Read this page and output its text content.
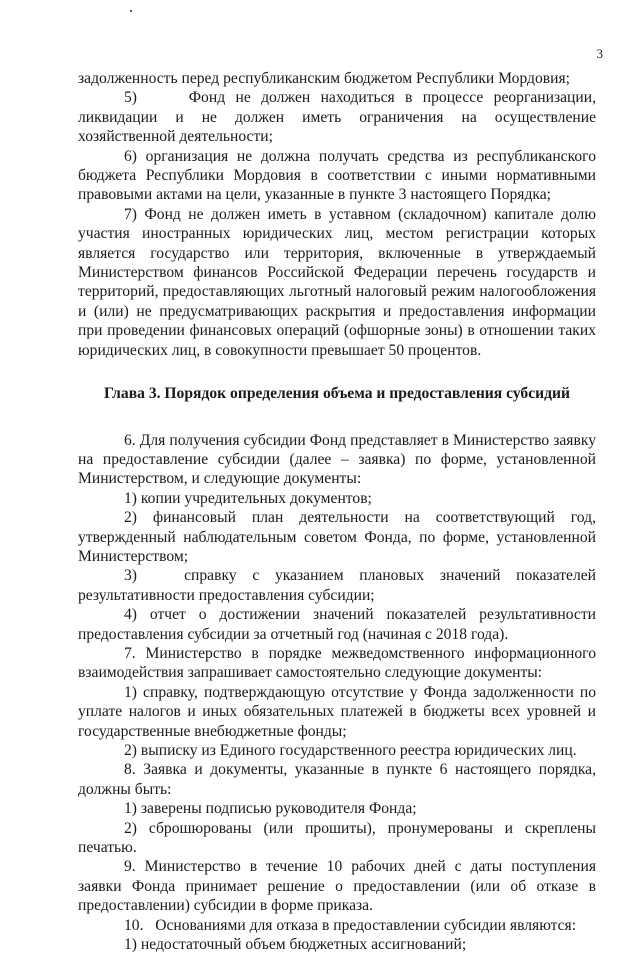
3

задолженность перед республиканским бюджетом Республики Мордовия;

5)     Фонд не должен находиться в процессе реорганизации, ликвидации и не должен иметь ограничения на осуществление хозяйственной деятельности;

6) организация не должна получать средства из республиканского бюджета Республики Мордовия в соответствии с иными нормативными правовыми актами на цели, указанные в пункте 3 настоящего Порядка;

7) Фонд не должен иметь в уставном (складочном) капитале долю участия иностранных юридических лиц, местом регистрации которых является государство или территория, включенные в утверждаемый Министерством финансов Российской Федерации перечень государств и территорий, предоставляющих льготный налоговый режим налогообложения и (или) не предусматривающих раскрытия и предоставления информации при проведении финансовых операций (офшорные зоны) в отношении таких юридических лиц, в совокупности превышает 50 процентов.

Глава 3. Порядок определения объема и предоставления субсидий

6. Для получения субсидии Фонд представляет в Министерство заявку на предоставление субсидии (далее – заявка) по форме, установленной Министерством, и следующие документы:

1) копии учредительных документов;

2) финансовый план деятельности на соответствующий год, утвержденный наблюдательным советом Фонда, по форме, установленной Министерством;

3)   справку с указанием плановых значений показателей результативности предоставления субсидии;

4) отчет о достижении значений показателей результативности предоставления субсидии за отчетный год (начиная с 2018 года).

7. Министерство в порядке межведомственного информационного взаимодействия запрашивает самостоятельно следующие документы:

1) справку, подтверждающую отсутствие у Фонда задолженности по уплате налогов и иных обязательных платежей в бюджеты всех уровней и государственные внебюджетные фонды;

2) выписку из Единого государственного реестра юридических лиц.

8. Заявка и документы, указанные в пункте 6 настоящего порядка, должны быть:

1) заверены подписью руководителя Фонда;

2) сброшюрованы (или прошиты), пронумерованы и скреплены печатью.

9. Министерство в течение 10 рабочих дней с даты поступления заявки Фонда принимает решение о предоставлении (или об отказе в предоставлении) субсидии в форме приказа.

10.   Основаниями для отказа в предоставлении субсидии являются:

1) недостаточный объем бюджетных ассигнований;
